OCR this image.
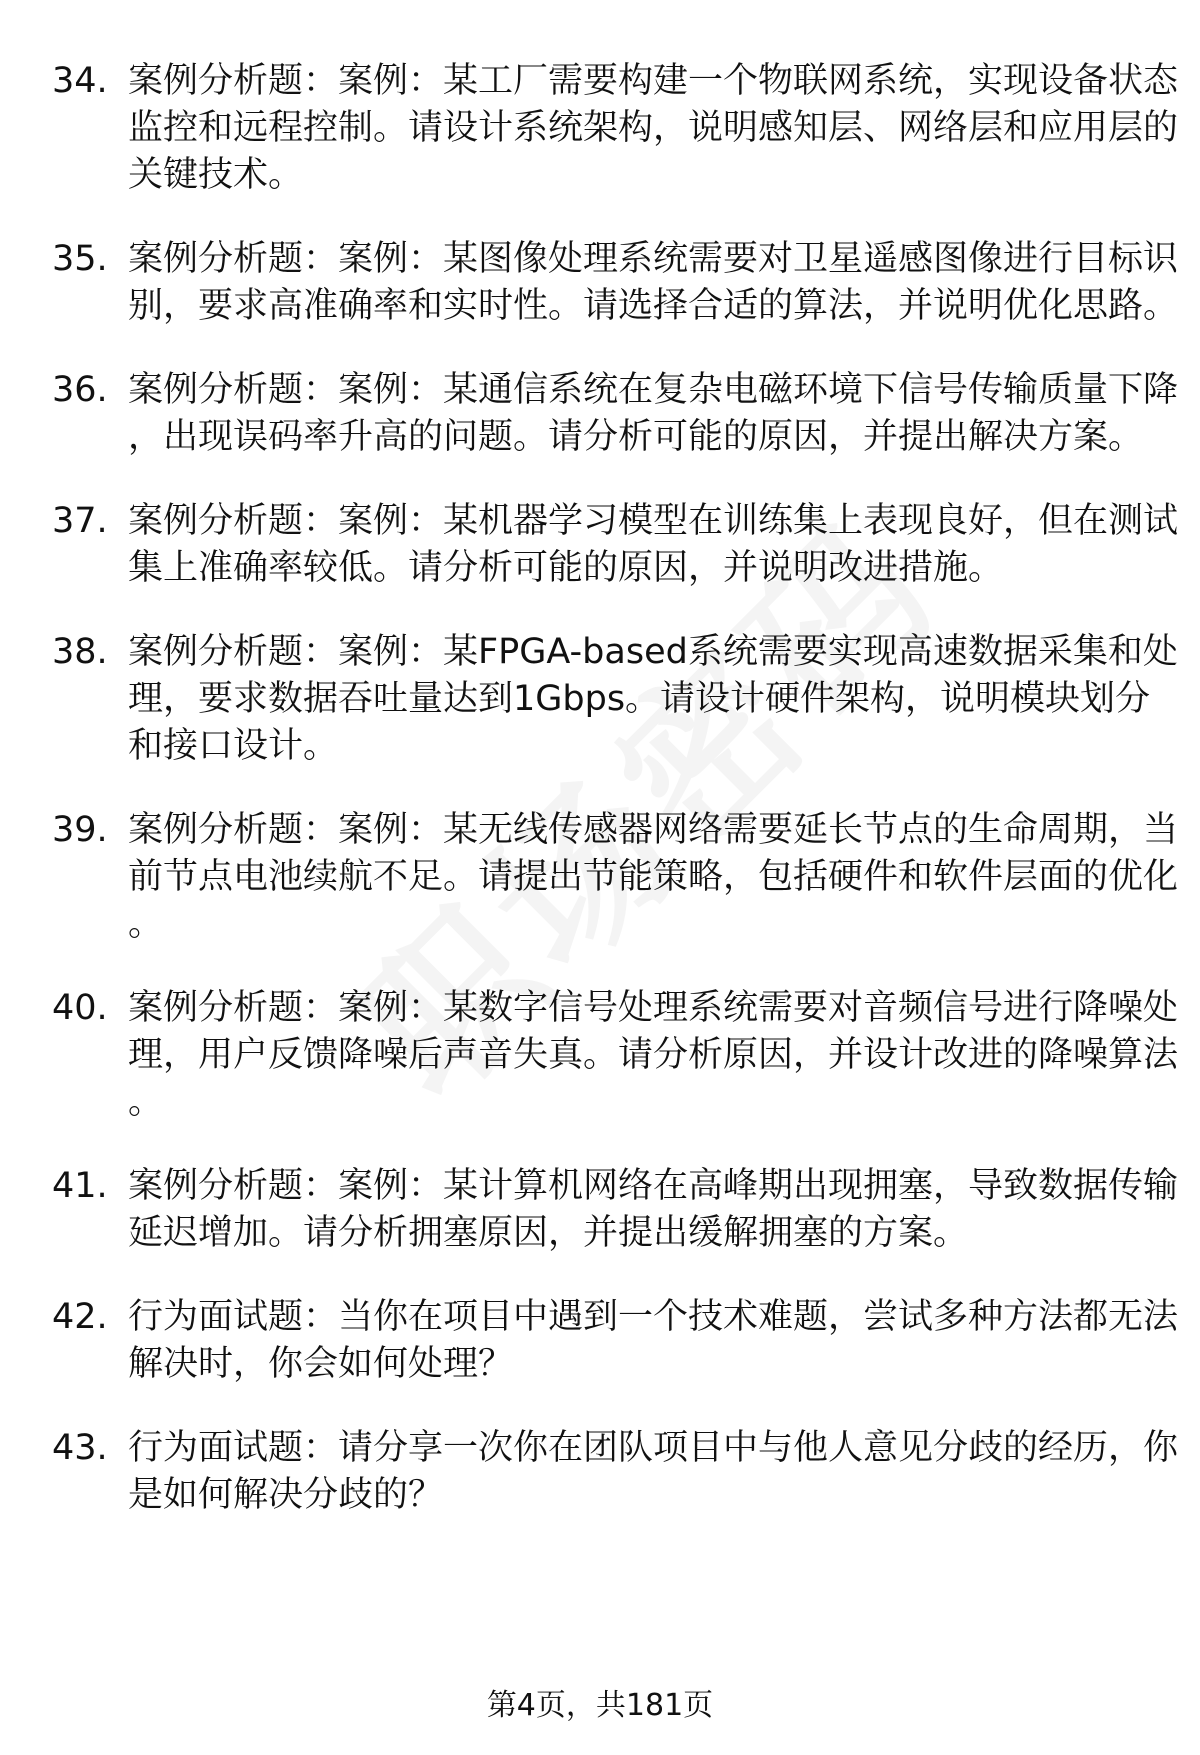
34. 案例分析题：案例：某工厂需要构建一个物联网系统，实现设备状态监控和远程控制。请设计系统架构，说明感知层、网络层和应用层的关键技术。
35. 案例分析题：案例：某图像处理系统需要对卫星遥感图像进行目标识别，要求高准确率和实时性。请选择合适的算法，并说明优化思路。
36. 案例分析题：案例：某通信系统在复杂电磁环境下信号传输质量下降，出现误码率升高的问题。请分析可能的原因，并提出解决方案。
37. 案例分析题：案例：某机器学习模型在训练集上表现良好，但在测试集上准确率较低。请分析可能的原因，并说明改进措施。
38. 案例分析题：案例：某FPGA-based系统需要实现高速数据采集和处理，要求数据吞吐量达到1Gbps。请设计硬件架构，说明模块划分和接口设计。
39. 案例分析题：案例：某无线传感器网络需要延长节点的生命周期，当前节点电池续航不足。请提出节能策略，包括硬件和软件层面的优化。
40. 案例分析题：案例：某数字信号处理系统需要对音频信号进行降噪处理，用户反馈降噪后声音失真。请分析原因，并设计改进的降噪算法。
41. 案例分析题：案例：某计算机网络在高峰期出现拥塞，导致数据传输延迟增加。请分析拥塞原因，并提出缓解拥塞的方案。
42. 行为面试题：当你在项目中遇到一个技术难题，尝试多种方法都无法解决时，你会如何处理？
43. 行为面试题：请分享一次你在团队项目中与他人意见分歧的经历，你是如何解决分歧的？
第4页，共181页
